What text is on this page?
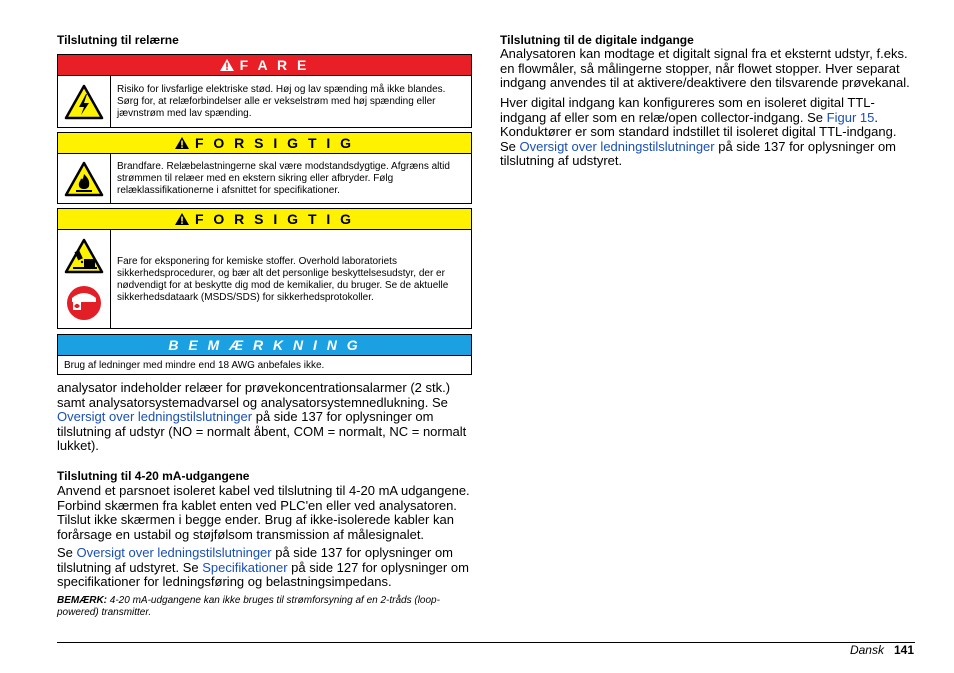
Tilslutning til relærne
F A R E
Risiko for livsfarlige elektriske stød. Høj og lav spænding må ikke blandes. Sørg for, at relæforbindelser alle er vekselstrøm med høj spænding eller jævnstrøm med lav spænding.
F O R S I G T I G
Brandfare. Relæbelastningerne skal være modstandsdygtige. Afgræns altid strømmen til relæer med en ekstern sikring eller afbryder. Følg relæklassifikationerne i afsnittet for specifikationer.
F O R S I G T I G
Fare for eksponering for kemiske stoffer. Overhold laboratoriets sikkerhedsprocedurer, og bær alt det personlige beskyttelsesudstyr, der er nødvendigt for at beskytte dig mod de kemikalier, du bruger. Se de aktuelle sikkerhedsdataark (MSDS/SDS) for sikkerhedsprotokoller.
B E M Æ R K N I N G
Brug af ledninger med mindre end 18 AWG anbefales ikke.

analysator indeholder relæer for prøvekoncentrationsalarmer (2 stk.) samt analysatorsystemadvarsel og analysatorsystemnedlukning. Se Oversigt over ledningstilslutninger på side 137 for oplysninger om tilslutning af udstyr (NO = normalt åbent, COM = normalt, NC = normalt lukket).

Tilslutning til 4-20 mA-udgangene

Anvend et parsnoet isoleret kabel ved tilslutning til 4-20 mA udgangene. Forbind skærmen fra kablet enten ved PLC'en eller ved analysatoren. Tilslut ikke skærmen i begge ender. Brug af ikke-isolerede kabler kan forårsage en ustabil og støjfølsom transmission af målesignalet.

Se Oversigt over ledningstilslutninger på side 137 for oplysninger om tilslutning af udstyret. Se Specifikationer på side 127 for oplysninger om specifikationer for ledningsføring og belastningsimpedans.

BEMÆRK: 4-20 mA-udgangene kan ikke bruges til strømforsyning af en 2-tråds (loop-powered) transmitter.

Tilslutning til de digitale indgange

Analysatoren kan modtage et digitalt signal fra et eksternt udstyr, f.eks. en flowmåler, så målingerne stopper, når flowet stopper. Hver separat indgang anvendes til at aktivere/deaktivere den tilsvarende prøvekanal.

Hver digital indgang kan konfigureres som en isoleret digital TTL-indgang af eller som en relæ/open collector-indgang. Se Figur 15. Konduktører er som standard indstillet til isoleret digital TTL-indgang. Se Oversigt over ledningstilslutninger på side 137 for oplysninger om tilslutning af udstyret.

Dansk 141
